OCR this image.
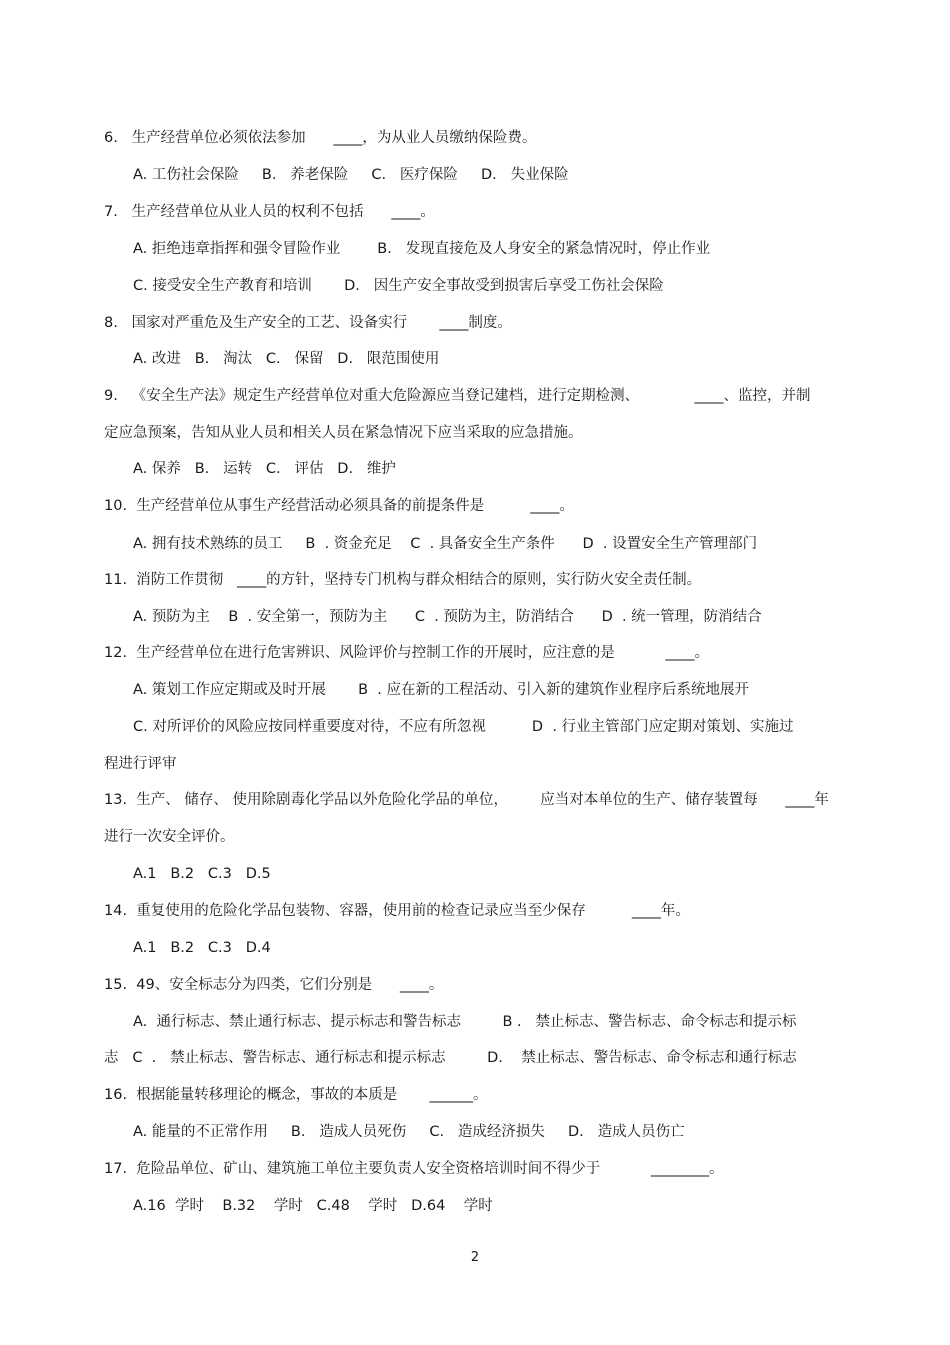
6.   生产经营单位必须依法参加      ____，为从业人员缴纳保险费。
A. 工伤社会保险     B.   养老保险     C.   医疗保险     D.   失业保险
7.   生产经营单位从业人员的权利不包括      ____。
A. 拒绝违章指挥和强令冒险作业        B.   发现直接危及人身安全的紧急情况时，停止作业
C. 接受安全生产教育和培训       D.   因生产安全事故受到损害后享受工伤社会保险
8.   国家对严重危及生产安全的工艺、设备实行       ____制度。
A. 改进   B.   淘汰   C.   保留   D.   限范围使用
9.   《安全生产法》规定生产经营单位对重大危险源应当登记建档，进行定期检测、            ____、监控，并制
定应急预案，告知从业人员和相关人员在紧急情况下应当采取的应急措施。
A. 保养   B.   运转   C.   评估   D.   维护
10.  生产经营单位从事生产经营活动必须具备的前提条件是          ____。
A. 拥有技术熟练的员工     B  . 资金充足    C  . 具备安全生产条件      D  . 设置安全生产管理部门
11.  消防工作贯彻   ____的方针，坚持专门机构与群众相结合的原则，实行防火安全责任制。
A. 预防为主    B  . 安全第一，预防为主      C  . 预防为主，防消结合      D  . 统一管理，防消结合
12.  生产经营单位在进行危害辨识、风险评价与控制工作的开展时，应注意的是           ____。
A. 策划工作应定期或及时开展       B  . 应在新的工程活动、引入新的建筑作业程序后系统地展开
C. 对所评价的风险应按同样重要度对待，不应有所忽视          D  . 行业主管部门应定期对策划、实施过
程进行评审
13.  生产、 储存、 使用除剧毒化学品以外危险化学品的单位，       应当对本单位的生产、储存装置每      ____年
进行一次安全评价。
A.1   B.2   C.3   D.5
14.  重复使用的危险化学品包装物、容器，使用前的检查记录应当至少保存          ____年。
A.1   B.2   C.3   D.4
15.  49、安全标志分为四类，它们分别是      ____。
A.  通行标志、禁止通行标志、提示标志和警告标志         B .   禁止标志、警告标志、命令标志和提示标
志   C  .   禁止标志、警告标志、通行标志和提示标志         D.    禁止标志、警告标志、命令标志和通行标志
16.  根据能量转移理论的概念，事故的本质是       ______。
A. 能量的不正常作用     B.   造成人员死伤     C.   造成经济损失     D.   造成人员伤亡
17.  危险品单位、矿山、建筑施工单位主要负责人安全资格培训时间不得少于           ________。
A.16  学时    B.32    学时   C.48    学时   D.64    学时
2
